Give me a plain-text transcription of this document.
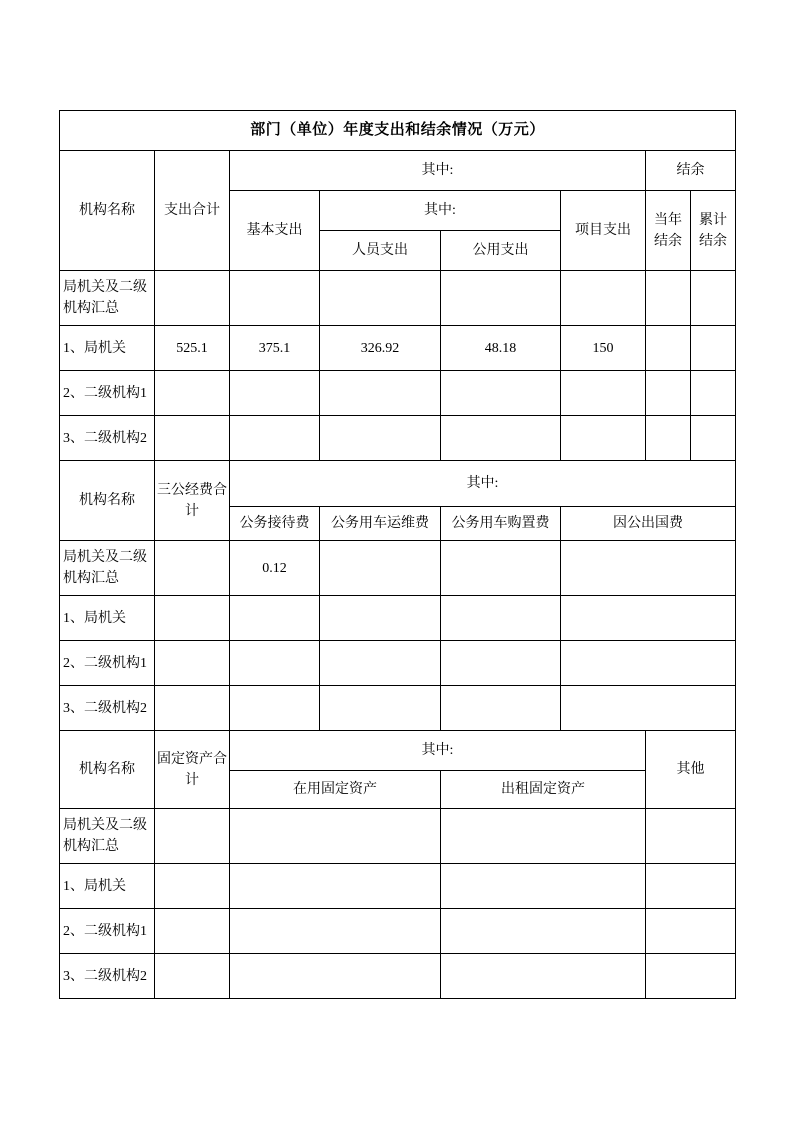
部门（单位）年度支出和结余情况（万元）							
机构名称	支出合计	其中:				结余	
		基本支出	其中:		项目支出	当年结余	累计结余
			人员支出	公用支出			
局机关及二级机构汇总							
1、局机关	525.1	375.1	326.92	48.18	150		
2、二级机构1							
3、二级机构2							
机构名称	三公经费合计	其中:					
		公务接待费	公务用车运维费	公务用车购置费	因公出国费		
局机关及二级机构汇总		0.12					
1、局机关							
2、二级机构1							
3、二级机构2							
机构名称	固定资产合计	其中:				其他	
		在用固定资产		出租固定资产			
局机关及二级机构汇总							
1、局机关							
2、二级机构1							
3、二级机构2							
